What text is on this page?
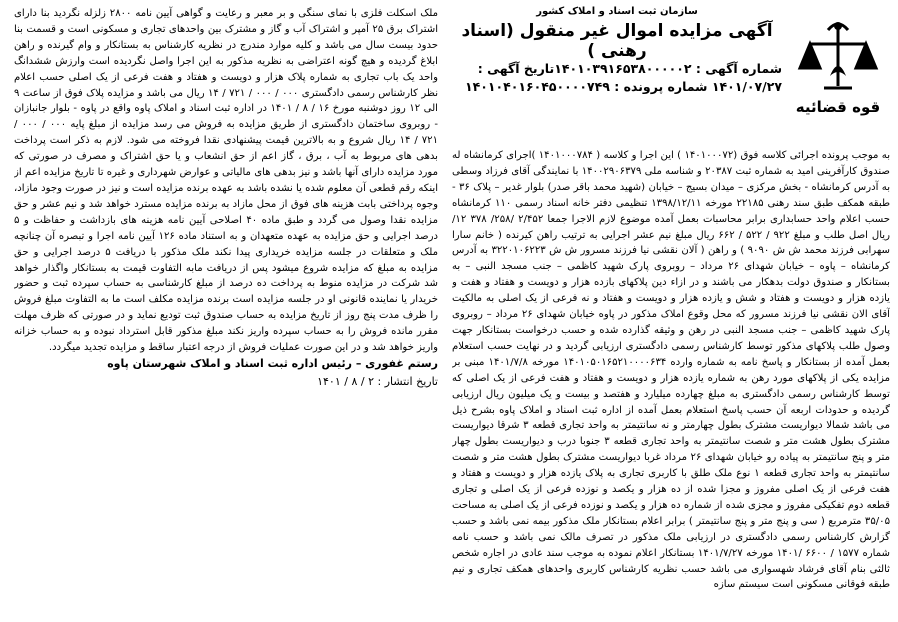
قوه قضائیه
سازمان ثبت اسناد و املاک کشور
آگهی مزایده اموال غیر منقول (اسناد رهنی )
شماره آگهی : ۱۴۰۱۰۳۹۱۶۵۳۸۰۰۰۰۰۲تاریخ آگهی :
۱۴۰۱/۰۷/۲۷ شماره پرونده : ۱۴۰۱۰۴۰۱۶۰۴۵۰۰۰۰۷۴۹

به موجب پرونده اجرائی کلاسه فوق (۱۴۰۱۰۰۰۷۲ ) این اجرا و کلاسه ( ۱۴۰۱۰۰۰۷۸۴ )اجرای کرمانشاه له صندوق کارآفرینی امید به شماره ثبت ۲۰۳۸۷ و شناسه ملی ۱۴۰۰۲۹۰۶۳۷۹ با نمایندگی آقای فرزاد وسطی به آدرس کرمانشاه - بخش مرکزی – میدان بسیج – خیابان (شهید محمد باقر صدر) بلوار غدیر – پلاک ۳۶ - طبقه همکف طبق سند رهنی ۲۲۱۸۵ مورخه ۱۳۹۸/۱۲/۱۱ تنظیمی دفتر خانه اسناد رسمی ۱۱۰ کرمانشاه حسب اعلام واحد حسابداری برابر محاسبات بعمل آمده موضوع لازم الاجرا جمعا ۲/۴۵۲ /۲۵۸/ ۳۷۸ ۱۲/ ریال اصل طلب و مبلغ ۹۲۲ / ۵۲۲ / ۶۶۲ ریال مبلغ نیم عشر اجرایی به ترتیب راهن کیرنده ( خانم سارا سهرابی فرزند محمد ش ش ۹۰۹۰ ) و راهن ( آلان نقشی نیا فرزند مسرور ش ش ۳۲۲۰۱۰۶۲۲۳ به آدرس کرمانشاه – پاوه – خیابان شهدای ۲۶ مرداد – روبروی پارک شهید کاظمی – جنب مسجد النبی – به بستانکار و صندوق دولت بدهکار می باشند و در ازاء دین پلاکهای بازده هزار و دویست و هفتاد و هفت و یازده هزار و دویست و هفتاد و شش و یازده هزار و دویست و هفتاد و نه فرعی از یک اصلی به مالکیت آقای الان نقشی نیا فرزند مسرور که محل وقوع املاک مذکور در پاوه خیابان شهدای ۲۶ مرداد – روبروی پارک شهید کاظمی – جنب مسجد النبی در رهن و وثیقه گذارده شده و حسب درخواست بستانکار جهت وصول طلب پلاکهای مذکور توسط کارشناس رسمی دادگستری ارزیابی گردید و در نهایت حسب استعلام بعمل آمده از بستانکار و پاسخ نامه به شماره وارده ۱۴۰۱۰۵۰۱۶۵۲۱۰۰۰۰۶۳۴ مورخه ۱۴۰۱/۷/۸ مبنی بر مزایده یکی از پلاکهای مورد رهن به شماره یازده هزار و دویست و هفتاد و هفت فرعی از یک اصلی که توسط کارشناس رسمی دادگستری به مبلغ چهارده میلیارد و هفتصد و بیست و یک میلیون ریال ارزیابی گردیده و حدودات اربعه آن حسب پاسخ استعلام بعمل آمده از اداره ثبت اسناد و املاک پاوه بشرح ذیل می باشد شمالا دیواریست مشترک بطول چهارمتر و نه سانتیمتر به واحد تجاری قطعه ۳ شرقا دیواریست مشترک بطول هشت متر و شصت سانتیمتر به واحد تجاری قطعه ۳ جنوبا درب و دیواریست بطول چهار متر و پنج سانتیمتر به پیاده رو خیابان شهدای ۲۶ مرداد غربا دیواریست مشترک بطول هشت متر و شصت سانتیمتر به واحد تجاری قطعه ۱ نوع ملک طلق با کاربری تجاری به پلاک یازده هزار و دویست و هفتاد و هفت فرعی از یک اصلی مفروز و مجزا شده از ده هزار و یکصد و نوزده فرعی از یک اصلی و تجاری قطعه دوم تفکیکی مفروز و مجزی شده از شماره ده هزار و یکصد و نوزده فرعی از یک اصلی به مساحت ۳۵/۰۵ مترمربع ( سی و پنج متر و پنج سانتیمتر ) برابر اعلام بستانکار ملک مذکور بیمه نمی باشد و حسب گزارش کارشناس رسمی دادگستری در ارزیابی ملک مذکور در تصرف مالک نمی باشد و حسب نامه شماره ۱۵۷۷ / ۶۶۰۰ /۱۴۰۱ مورخه ۱۴۰۱/۷/۲۷ بستانکار اعلام نموده به موجب سند عادی در اجاره شخص ثالثی بنام آقای فرشاد شهسواری می باشد حسب نظریه کارشناس کاربری واحدهای همکف تجاری و نیم طبقه فوقانی مسکونی است سیستم سازه

ملک اسکلت فلزی با نمای سنگی و بر معبر و رعایت و گواهی آیین نامه ۲۸۰۰ زلزله نگردید بنا دارای اشتراک برق ۲۵ آمپر و اشتراک آب و گاز و مشترک بین واحدهای تجاری و مسکونی است و قسمت بنا حدود بیست سال می باشد و کلیه موارد مندرج در نظریه کارشناس به بستانکار و وام گیرنده و راهن ابلاغ گردیده و هیچ گونه اعتراضی به نظریه مذکور به این اجرا واصل نگردیده است وارزش ششدانگ واحد یک باب تجاری به شماره پلاک هزار و دویست و هفتاد و هفت فرعی از یک اصلی حسب اعلام نظر کارشناس رسمی دادگستری ۰۰۰ / ۰۰۰ / ۷۲۱ / ۱۴ ریال می باشد و مزایده پلاک فوق از ساعت ۹ الی ۱۲ روز دوشنبه مورخ ۱۶ / ۸ / ۱۴۰۱ در اداره ثبت اسناد و املاک پاوه واقع در پاوه - بلوار جانبازان - روبروی ساختمان دادگستری از طریق مزایده به فروش می رسد مزایده از مبلغ پایه ۰۰۰ / ۰۰۰ / ۷۲۱ / ۱۴ ریال شروع و به بالاترین قیمت پیشنهادی نقدا فروخته می شود. لازم به ذکر است پرداخت بدهی های مربوط به آب ، برق ، گاز اعم از حق انشعاب و یا حق اشتراک و مصرف در صورتی که مورد مزایده دارای آنها باشد و نیز بدهی های مالیاتی و عوارض شهرداری و غیره تا تاریخ مزایده اعم از اینکه رقم قطعی آن معلوم شده یا نشده باشد به عهده برنده مزایده است و نیز در صورت وجود مازاد، وجوه پرداختی بابت هزینه های فوق از محل مازاد به برنده مزایده مسترد خواهد شد و نیم عشر و حق مزایده نقدا وصول می گردد و طبق ماده ۴۰ اصلاحی آیین نامه هزینه های بازداشت و حفاظت و ۵ درصد اجرایی و حق مزایده به عهده متعهدان و به استناد ماده ۱۲۶ آیین نامه اجرا و تبصره آن چنانچه ملک و متعلقات در جلسه مزایده خریداری پیدا نکند ملک مذکور با دریافت ۵ درصد اجرایی و حق مزایده به مبلغ که مزایده شروع میشود پس از دریافت مابه التفاوت قیمت به بستانکار واگذار خواهد شد شرکت در مزایده منوط به پرداخت ده درصد از مبلغ کارشناسی به حساب سپرده ثبت و حضور خریدار یا نماینده قانونی او در جلسه مزایده است برنده مزایده مکلف است ما به التفاوت مبلغ فروش را ظرف مدت پنج روز از تاریخ مزایده به حساب صندوق ثبت تودیع نماید و در صورتی که ظرف مهلت مقرر مانده فروش را به حساب سپرده واریز نکند مبلغ مذکور قابل استرداد نبوده و به حساب خزانه واریز خواهد شد و در این صورت عملیات فروش از درجه اعتبار ساقط و مزایده تجدید میگردد.

رستم غفوری – رئیس اداره ثبت اسناد و املاک شهرستان پاوه
تاریخ انتشار : ۲ / ۸ / ۱۴۰۱
